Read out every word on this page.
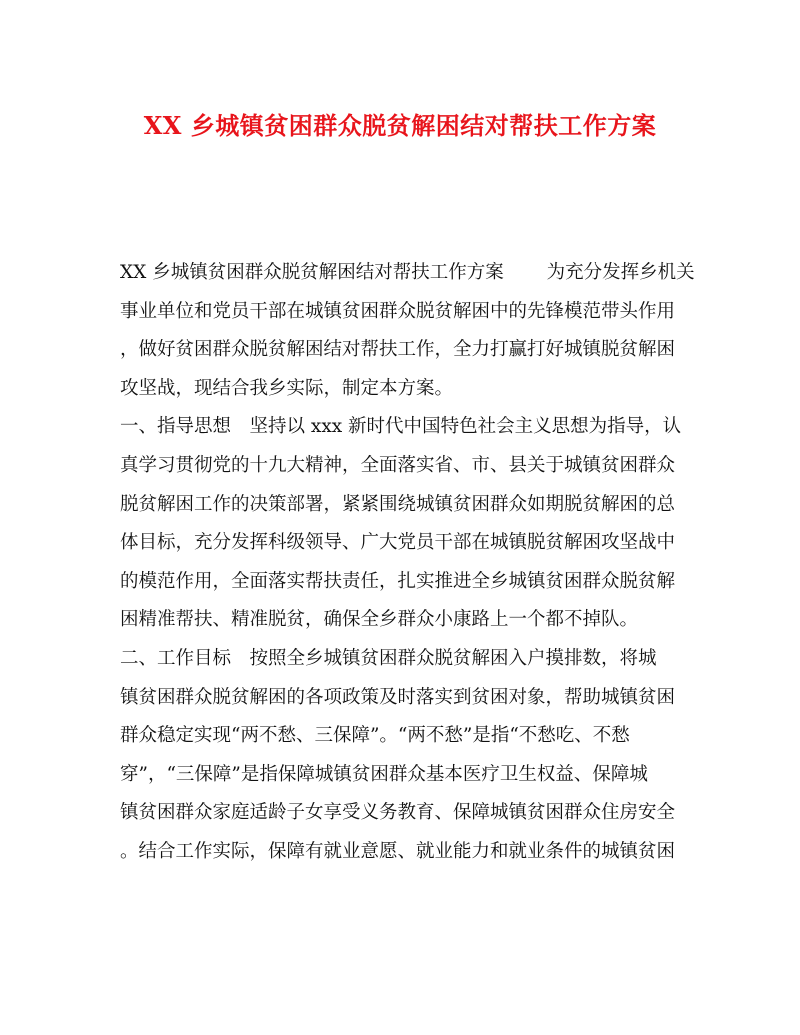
XX 乡城镇贫困群众脱贫解困结对帮扶工作方案
XX 乡城镇贫困群众脱贫解困结对帮扶工作方案　　 为充分发挥乡机关
事业单位和党员干部在城镇贫困群众脱贫解困中的先锋模范带头作用
，做好贫困群众脱贫解困结对帮扶工作，全力打赢打好城镇脱贫解困
攻坚战，现结合我乡实际，制定本方案。
一、指导思想　坚持以 xxx 新时代中国特色社会主义思想为指导，认
真学习贯彻党的十九大精神，全面落实省、市、县关于城镇贫困群众
脱贫解困工作的决策部署，紧紧围绕城镇贫困群众如期脱贫解困的总
体目标，充分发挥科级领导、广大党员干部在城镇脱贫解困攻坚战中
的模范作用，全面落实帮扶责任，扎实推进全乡城镇贫困群众脱贫解
困精准帮扶、精准脱贫，确保全乡群众小康路上一个都不掉队。
二、工作目标　按照全乡城镇贫困群众脱贫解困入户摸排数，将城
镇贫困群众脱贫解困的各项政策及时落实到贫困对象，帮助城镇贫困
群众稳定实现“两不愁、三保障”。“两不愁”是指“不愁吃、不愁
穿”，“三保障”是指保障城镇贫困群众基本医疗卫生权益、保障城
镇贫困群众家庭适龄子女享受义务教育、保障城镇贫困群众住房安全
。结合工作实际，保障有就业意愿、就业能力和就业条件的城镇贫困
